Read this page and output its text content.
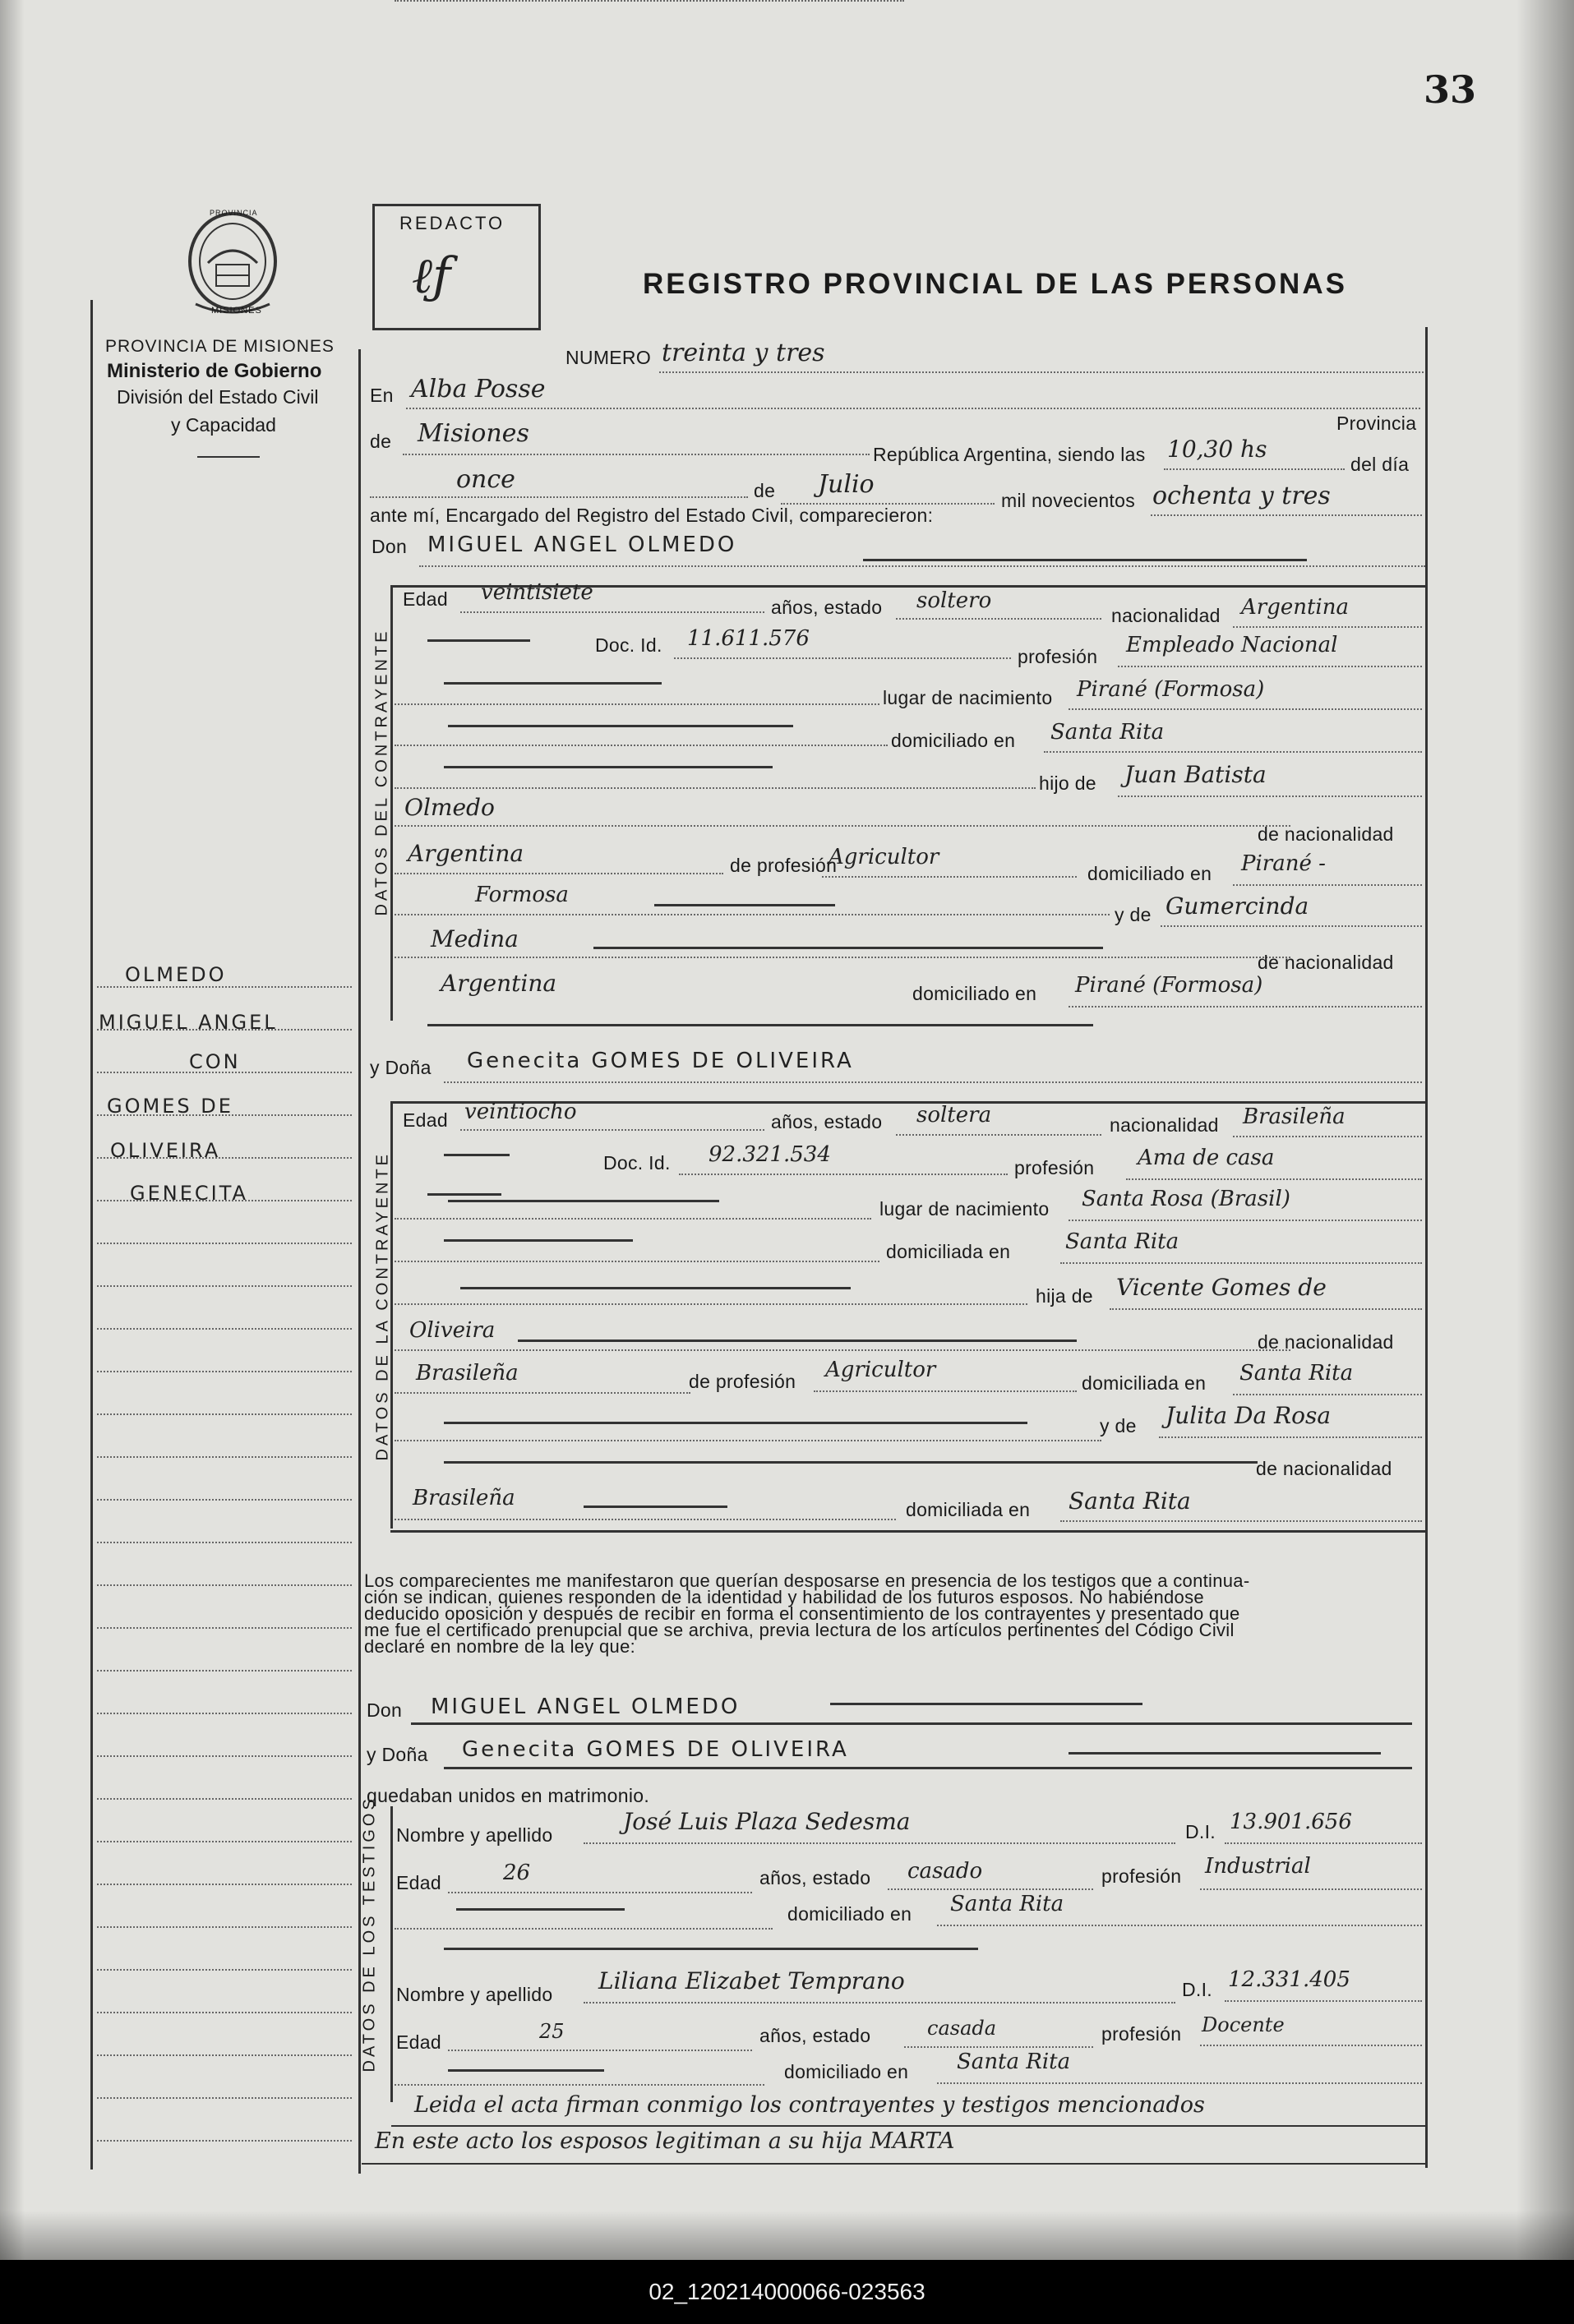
33
PROVINCIA
MISIONES
PROVINCIA DE MISIONES
Ministerio de Gobierno
División del Estado Civil
y Capacidad
REDACTO
ℓƒ	REGISTRO PROVINCIAL DE LAS PERSONAS
NUMERO treinta y tres
En Alba Posse
Provincia
de Misiones
República Argentina, siendo las 10,30 hs
del día
once	de Julio
mil novecientos ochenta y tres
ante mí, Encargado del Registro del Estado Civil, comparecieron:
Don MIGUEL ANGEL OLMEDO
DATOS DEL CONTRAYENTE
Edad veintisiete
años, estado soltero
nacionalidad Argentina
Doc. Id. 11.611.576
profesión Empleado Nacional
lugar de nacimiento Pirané (Formosa)
domiciliado en Santa Rita
hijo de Juan Batista
Olmedo
de nacionalidad
Argentina	de profesión
Agricultor
domiciliado en Pirané -
Formosa
y de Gumercinda
Medina
de nacionalidad
Argentina	domiciliado en Pirané (Formosa)
OLMEDO
MIGUEL ANGEL
CON
GOMES DE
OLIVEIRA
GENECITA
y Doña Genecita GOMES DE OLIVEIRA
DATOS DE LA CONTRAYENTE
Edad veintiocho	años, estado soltera	nacionalidad Brasileña
Doc. Id. 92.321.534
profesión Ama de casa
lugar de nacimiento Santa Rosa (Brasil)
domiciliada en	Santa Rita
hija de Vicente Gomes de
Oliveira	de nacionalidad
Brasileña	de profesión Agricultor
domiciliada en Santa Rita
y de Julita Da Rosa
de nacionalidad
Brasileña	domiciliada en Santa Rita
Los comparecientes me manifestaron que querían desposarse en presencia de los testigos que a continua-
ción se indican, quienes responden de la identidad y habilidad de los futuros esposos. No habiéndose
deducido oposición y después de recibir en forma el consentimiento de los contrayentes y presentado que
me fue el certificado prenupcial que se archiva, previa lectura de los artículos pertinentes del Código Civil
declaré en nombre de la ley que:
Don MIGUEL ANGEL OLMEDO
y Doña Genecita GOMES DE OLIVEIRA
quedaban unidos en matrimonio.
DATOS DE LOS TESTIGOS Nombre y apellido	José Luis Plaza Sedesma	D.I. 13.901.656
Edad	26	años, estado casado	profesión Industrial
domiciliado en Santa Rita
Nombre y apellido Liliana Elizabet Temprano	D.I. 12.331.405
Edad	25	años, estado	casada	profesión Docente
domiciliado en Santa Rita
Leida el acta firman conmigo los contrayentes y testigos mencionados
En este acto los esposos legitiman a su hija MARTA
02_120214000066-023563
